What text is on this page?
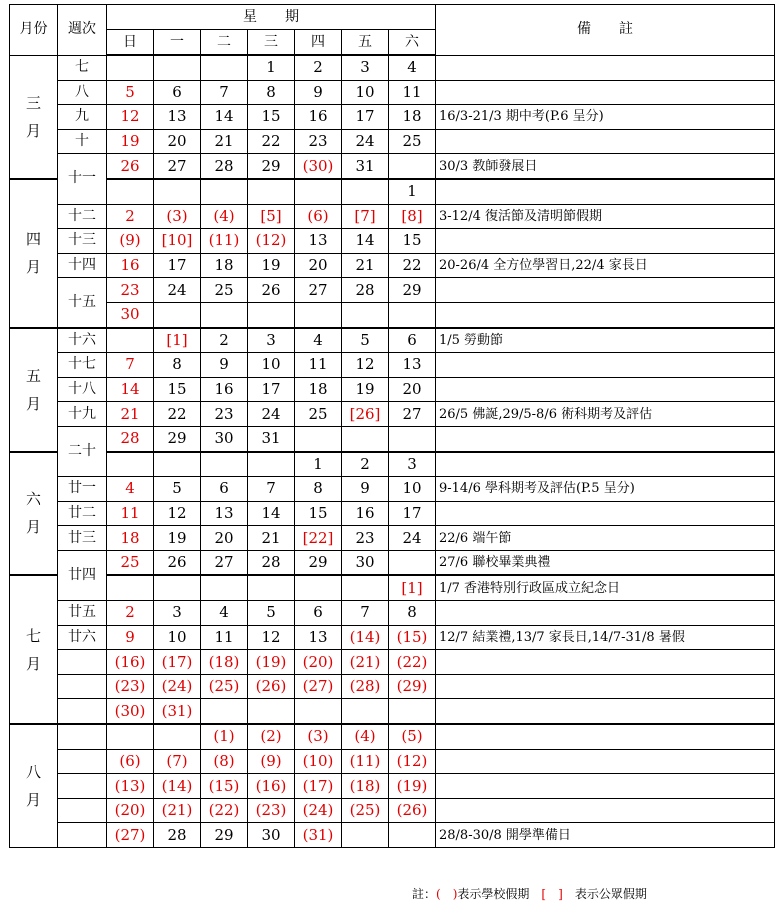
月份	週次	星　　期							備　　註
		日	一	二	三	四	五	六	
三月	七				1	2	3	4	
	八	5	6	7	8	9	10	11	
	九	12	13	14	15	16	17	18	16/3-21/3 期中考(P.6 呈分)
	十	19	20	21	22	23	24	25	
	十一	26	27	28	29	(30)	31		30/3 教師發展日
四月								1	
	十二	2	(3)	(4)	[5]	(6)	[7]	[8]	3-12/4 復活節及清明節假期
	十三	(9)	[10]	(11)	(12)	13	14	15	
	十四	16	17	18	19	20	21	22	20-26/4 全方位學習日,22/4 家長日
	十五	23	24	25	26	27	28	29	
		30							
五月	十六		[1]	2	3	4	5	6	1/5 勞動節
	十七	7	8	9	10	11	12	13	
	十八	14	15	16	17	18	19	20	
	十九	21	22	23	24	25	[26]	27	26/5 佛誕,29/5-8/6 術科期考及評估
	二十	28	29	30	31				
六月						1	2	3	
	廿一	4	5	6	7	8	9	10	9-14/6 學科期考及評估(P.5 呈分)
	廿二	11	12	13	14	15	16	17	
	廿三	18	19	20	21	[22]	23	24	22/6 端午節
	廿四	25	26	27	28	29	30		27/6 聯校畢業典禮
七月								[1]	1/7 香港特別行政區成立紀念日
	廿五	2	3	4	5	6	7	8	
	廿六	9	10	11	12	13	(14)	(15)	12/7 結業禮,13/7 家長日,14/7-31/8 暑假
		(16)	(17)	(18)	(19)	(20)	(21)	(22)	
		(23)	(24)	(25)	(26)	(27)	(28)	(29)	
		(30)	(31)						
八月				(1)	(2)	(3)	(4)	(5)	
		(6)	(7)	(8)	(9)	(10)	(11)	(12)	
		(13)	(14)	(15)	(16)	(17)	(18)	(19)	
		(20)	(21)	(22)	(23)	(24)	(25)	(26)	
		(27)	28	29	30	(31)			28/8-30/8 開學準備日
註：(　)表示學校假期　 [　]　 表示公眾假期
